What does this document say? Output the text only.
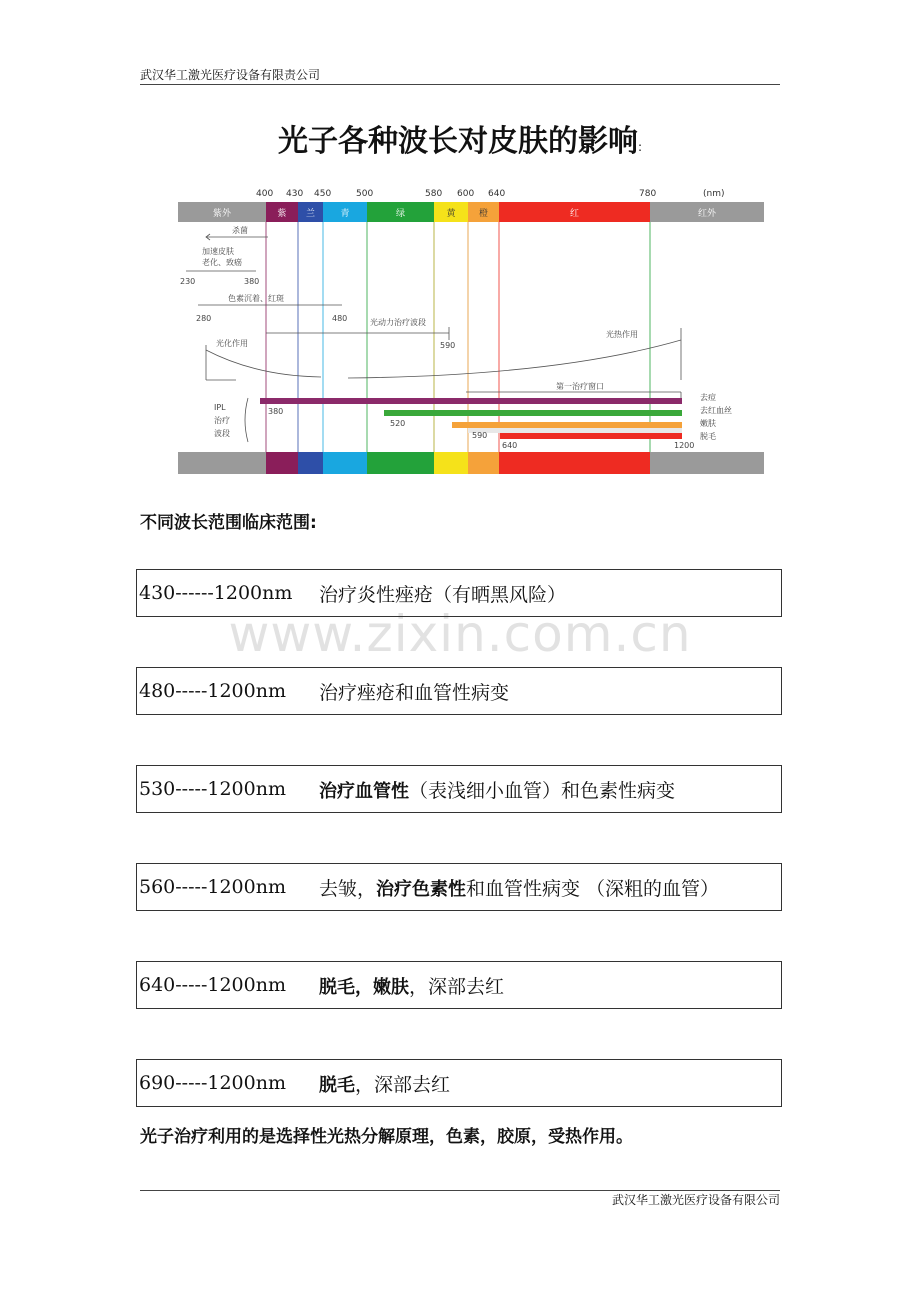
武汉华工激光医疗设备有限责公司
光子各种波长对皮肤的影响:
400 430 450	500	580 600 640	780	(nm)
紫外	紫 兰	青	绿	黄	橙	红	红外
杀菌
加速皮肤
老化、致癌
230	380
色素沉着、红斑
280	480	光动力治疗波段
590
光化作用
光热作用
第一治疗窗口
IPL
治疗
波段
380
520
590
640	1200
去痘
去红血丝
嫩肤
脱毛
www.zixin.com.cn
不同波长范围临床范围:
430------1200nm	治疗炎性痤疮（有晒黑风险）
480-----1200nm	治疗痤疮和血管性病变
530-----1200nm	治疗血管性（表浅细小血管）和色素性病变
560-----1200nm	去皱，治疗色素性和血管性病变 （深粗的血管）
640-----1200nm	脱毛，嫩肤，深部去红
690-----1200nm	脱毛，深部去红
光子治疗利用的是选择性光热分解原理，色素，胶原，受热作用。
武汉华工激光医疗设备有限公司
